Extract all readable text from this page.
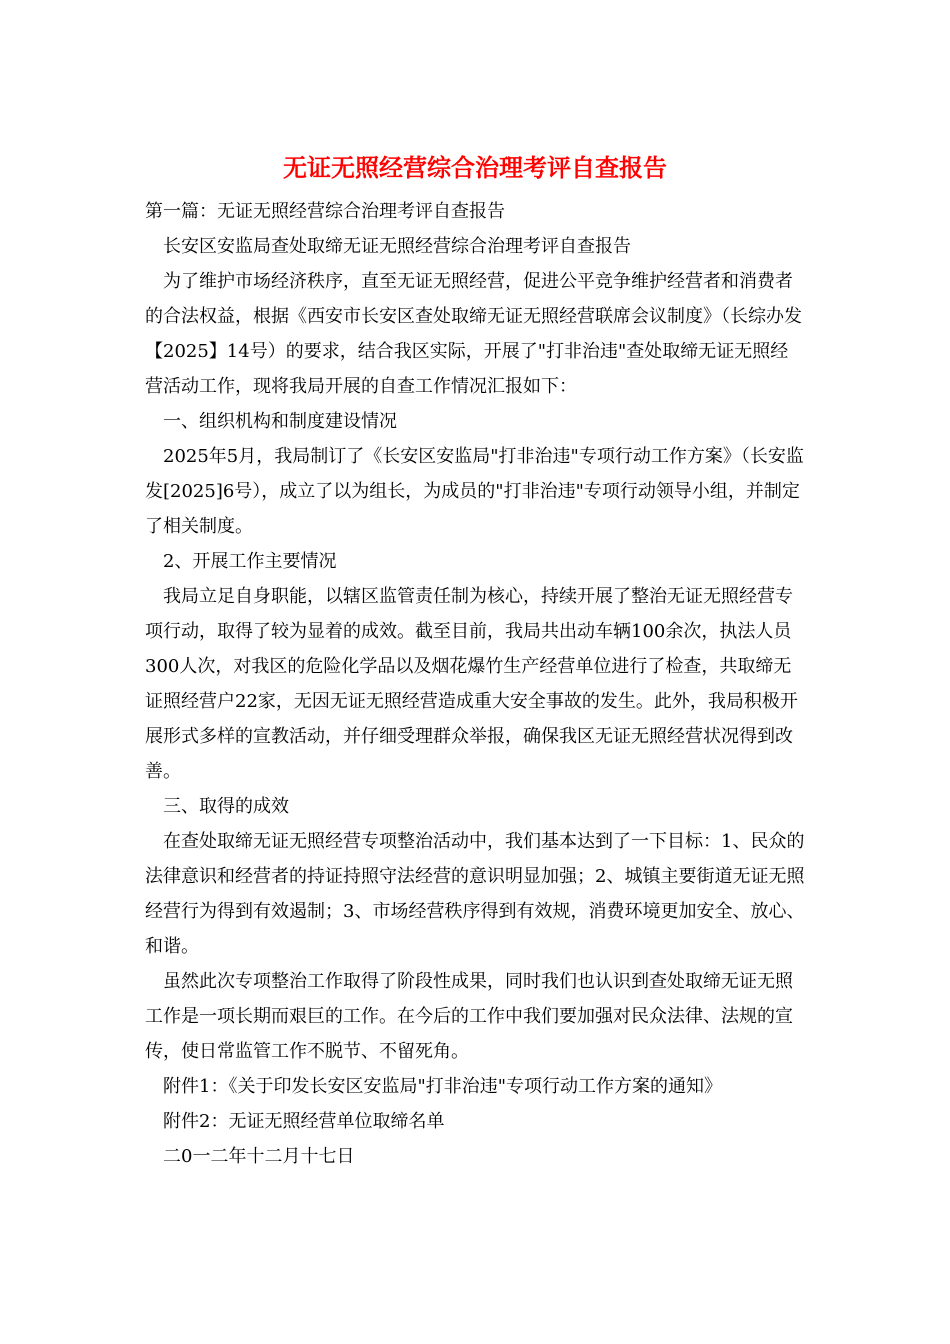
无证无照经营综合治理考评自查报告

第一篇：无证无照经营综合治理考评自查报告

长安区安监局查处取缔无证无照经营综合治理考评自查报告

为了维护市场经济秩序，直至无证无照经营，促进公平竞争维护经营者和消费者的合法权益，根据《西安市长安区查处取缔无证无照经营联席会议制度》（长综办发【2025】14号）的要求，结合我区实际，开展了"打非治违"查处取缔无证无照经营活动工作，现将我局开展的自查工作情况汇报如下：

一、组织机构和制度建设情况

2025年5月，我局制订了《长安区安监局"打非治违"专项行动工作方案》（长安监发[2025]6号），成立了以为组长，为成员的"打非治违"专项行动领导小组，并制定了相关制度。

2、开展工作主要情况

我局立足自身职能，以辖区监管责任制为核心，持续开展了整治无证无照经营专项行动，取得了较为显着的成效。截至目前，我局共出动车辆100余次，执法人员300人次，对我区的危险化学品以及烟花爆竹生产经营单位进行了检查，共取缔无证照经营户22家，无因无证无照经营造成重大安全事故的发生。此外，我局积极开展形式多样的宣教活动，并仔细受理群众举报，确保我区无证无照经营状况得到改善。

三、取得的成效

在查处取缔无证无照经营专项整治活动中，我们基本达到了一下目标：1、民众的法律意识和经营者的持证持照守法经营的意识明显加强；2、城镇主要街道无证无照经营行为得到有效遏制；3、市场经营秩序得到有效规，消费环境更加安全、放心、和谐。

虽然此次专项整治工作取得了阶段性成果，同时我们也认识到查处取缔无证无照工作是一项长期而艰巨的工作。在今后的工作中我们要加强对民众法律、法规的宣传，使日常监管工作不脱节、不留死角。

附件1：《关于印发长安区安监局"打非治违"专项行动工作方案的通知》

附件2：无证无照经营单位取缔名单

二0一二年十二月十七日
